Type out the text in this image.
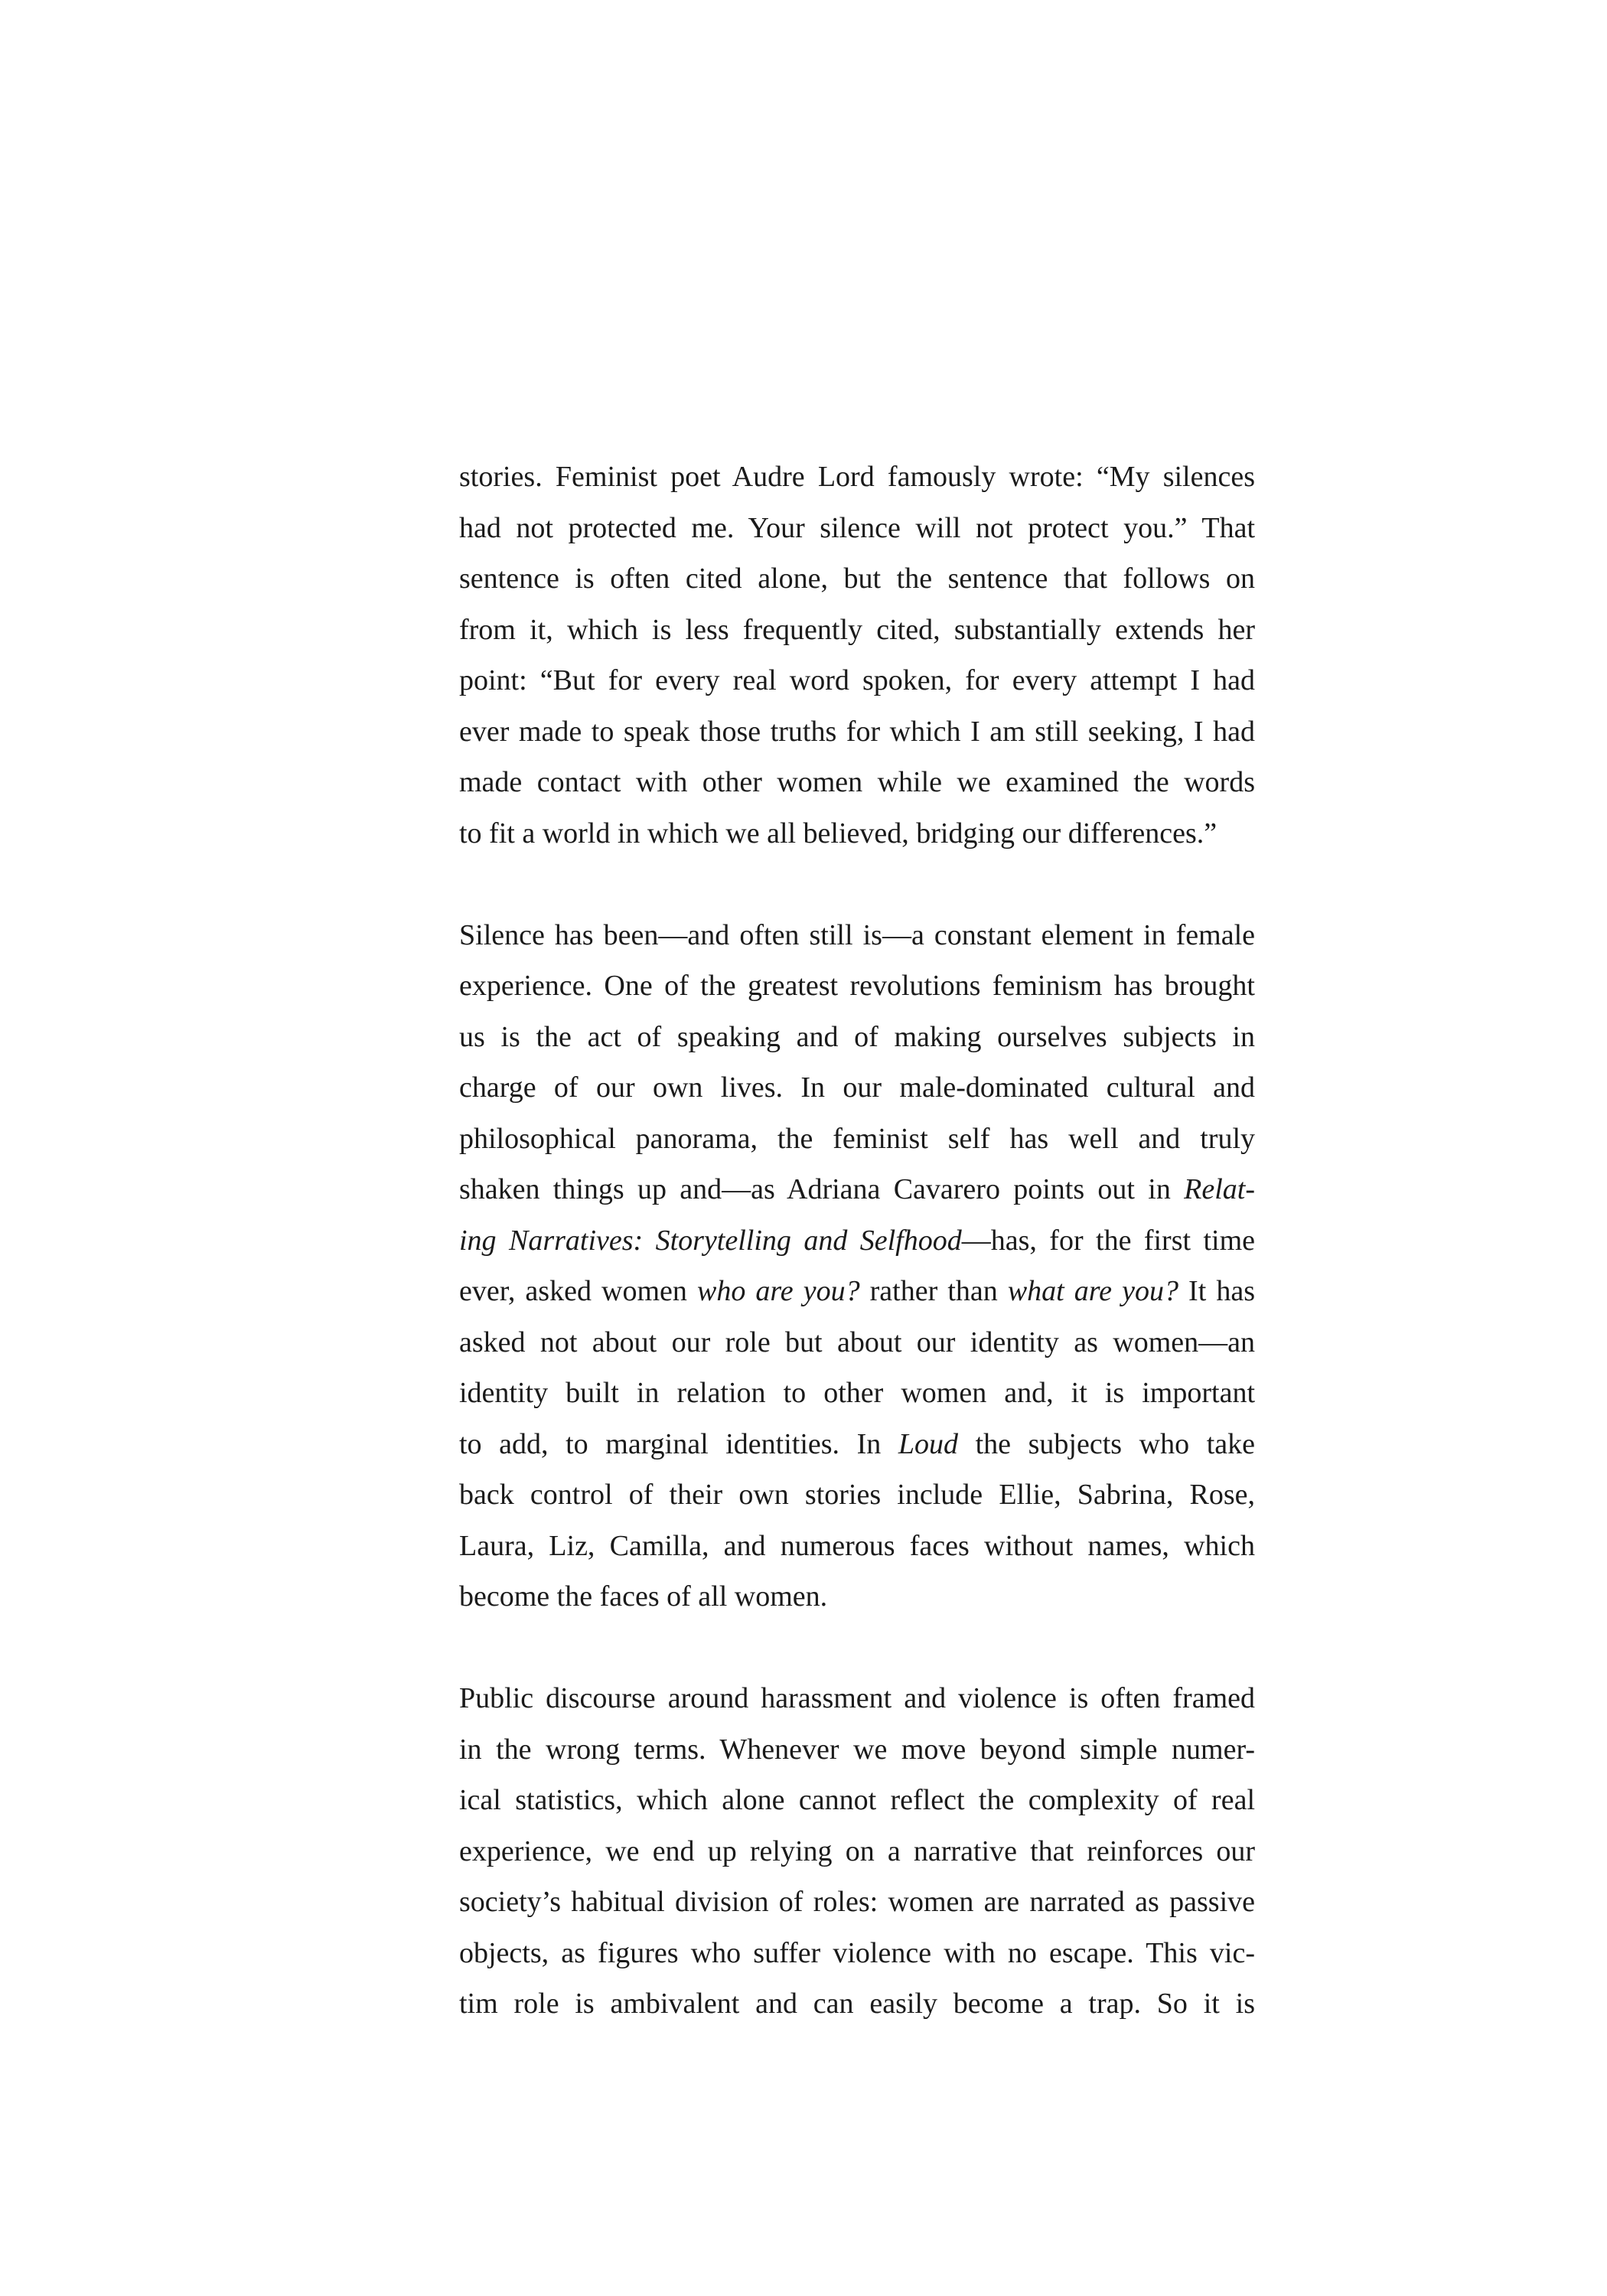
stories. Feminist poet Audre Lord famously wrote: “My silences
had not protected me. Your silence will not protect you.” That
sentence is often cited alone, but the sentence that follows on
from it, which is less frequently cited, substantially extends her
point: “But for every real word spoken, for every attempt I had
ever made to speak those truths for which I am still seeking, I had
made contact with other women while we examined the words
to fit a world in which we all believed, bridging our differences.”
Silence has been—and often still is—a constant element in female
experience. One of the greatest revolutions feminism has brought
us is the act of speaking and of making ourselves subjects in
charge of our own lives. In our male-dominated cultural and
philosophical panorama, the feminist self has well and truly
shaken things up and—as Adriana Cavarero points out in Relat-
ing Narratives: Storytelling and Selfhood—has, for the first time
ever, asked women who are you? rather than what are you? It has
asked not about our role but about our identity as women—an
identity built in relation to other women and, it is important
to add, to marginal identities. In Loud the subjects who take
back control of their own stories include Ellie, Sabrina, Rose,
Laura, Liz, Camilla, and numerous faces without names, which
become the faces of all women.
Public discourse around harassment and violence is often framed
in the wrong terms. Whenever we move beyond simple numer-
ical statistics, which alone cannot reflect the complexity of real
experience, we end up relying on a narrative that reinforces our
society’s habitual division of roles: women are narrated as passive
objects, as figures who suffer violence with no escape. This vic-
tim role is ambivalent and can easily become a trap. So it is
